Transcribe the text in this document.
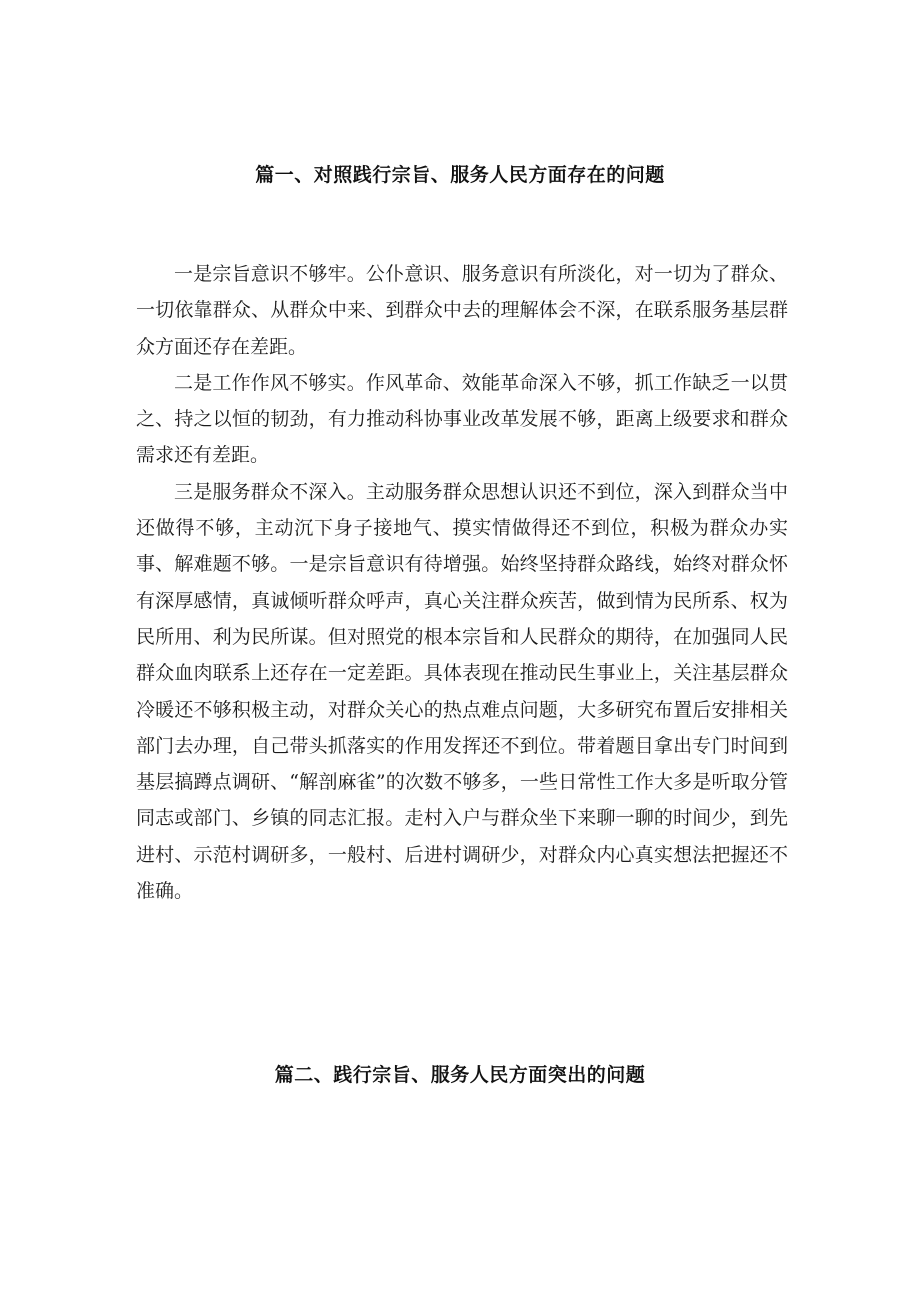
篇一、对照践行宗旨、服务人民方面存在的问题

一是宗旨意识不够牢。公仆意识、服务意识有所淡化，对一切为了群众、一切依靠群众、从群众中来、到群众中去的理解体会不深，在联系服务基层群众方面还存在差距。

二是工作作风不够实。作风革命、效能革命深入不够，抓工作缺乏一以贯之、持之以恒的韧劲，有力推动科协事业改革发展不够，距离上级要求和群众需求还有差距。

三是服务群众不深入。主动服务群众思想认识还不到位，深入到群众当中还做得不够，主动沉下身子接地气、摸实情做得还不到位，积极为群众办实事、解难题不够。一是宗旨意识有待增强。始终坚持群众路线，始终对群众怀有深厚感情，真诚倾听群众呼声，真心关注群众疾苦，做到情为民所系、权为民所用、利为民所谋。但对照党的根本宗旨和人民群众的期待，在加强同人民群众血肉联系上还存在一定差距。具体表现在推动民生事业上，关注基层群众冷暖还不够积极主动，对群众关心的热点难点问题，大多研究布置后安排相关部门去办理，自己带头抓落实的作用发挥还不到位。带着题目拿出专门时间到基层搞蹲点调研、“解剖麻雀”的次数不够多，一些日常性工作大多是听取分管同志或部门、乡镇的同志汇报。走村入户与群众坐下来聊一聊的时间少，到先进村、示范村调研多，一般村、后进村调研少，对群众内心真实想法把握还不准确。

篇二、践行宗旨、服务人民方面突出的问题
